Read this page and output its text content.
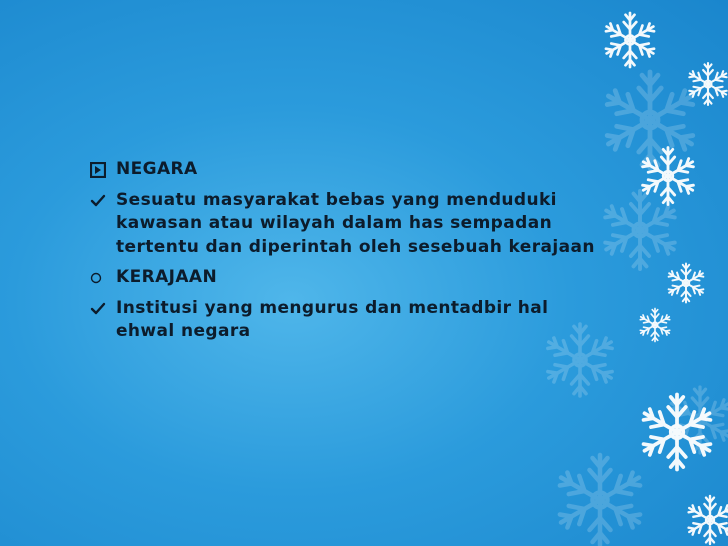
NEGARA
Sesuatu masyarakat bebas yang menduduki kawasan atau wilayah dalam has sempadan tertentu dan diperintah oleh sesebuah kerajaan
KERAJAAN
Institusi yang mengurus dan mentadbir hal ehwal negara
